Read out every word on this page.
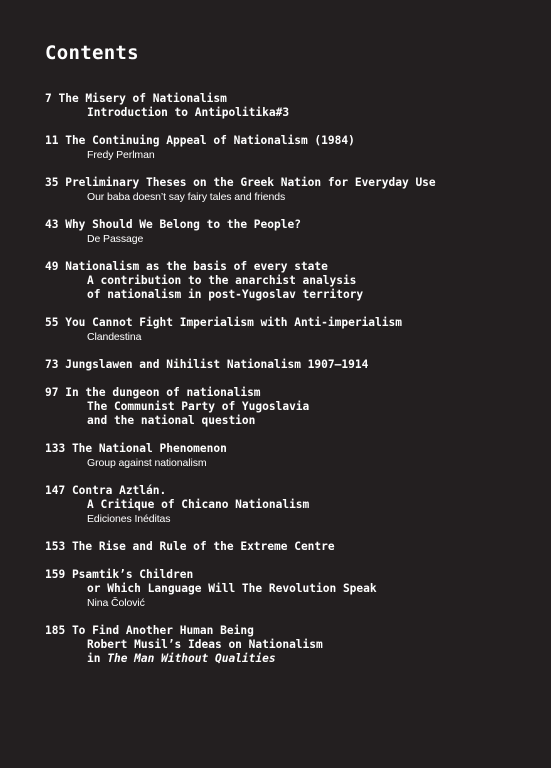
Contents
7 The Misery of Nationalism
Introduction to Antipolitika#3
11 The Continuing Appeal of Nationalism (1984)
Fredy Perlman
35 Preliminary Theses on the Greek Nation for Everyday Use
Our baba doesn’t say fairy tales and friends
43 Why Should We Belong to the People?
De Passage
49 Nationalism as the basis of every state
A contribution to the anarchist analysis
of nationalism in post-Yugoslav territory
55 You Cannot Fight Imperialism with Anti-imperialism
Clandestina
73 Jungslawen and Nihilist Nationalism 1907—1914
97 In the dungeon of nationalism
The Communist Party of Yugoslavia
and the national question
133 The National Phenomenon
Group against nationalism
147 Contra Aztlán.
A Critique of Chicano Nationalism
Ediciones Inéditas
153 The Rise and Rule of the Extreme Centre
159 Psamtik’s Children
or Which Language Will The Revolution Speak
Nina Čolović
185 To Find Another Human Being
Robert Musil’s Ideas on Nationalism
in The Man Without Qualities
